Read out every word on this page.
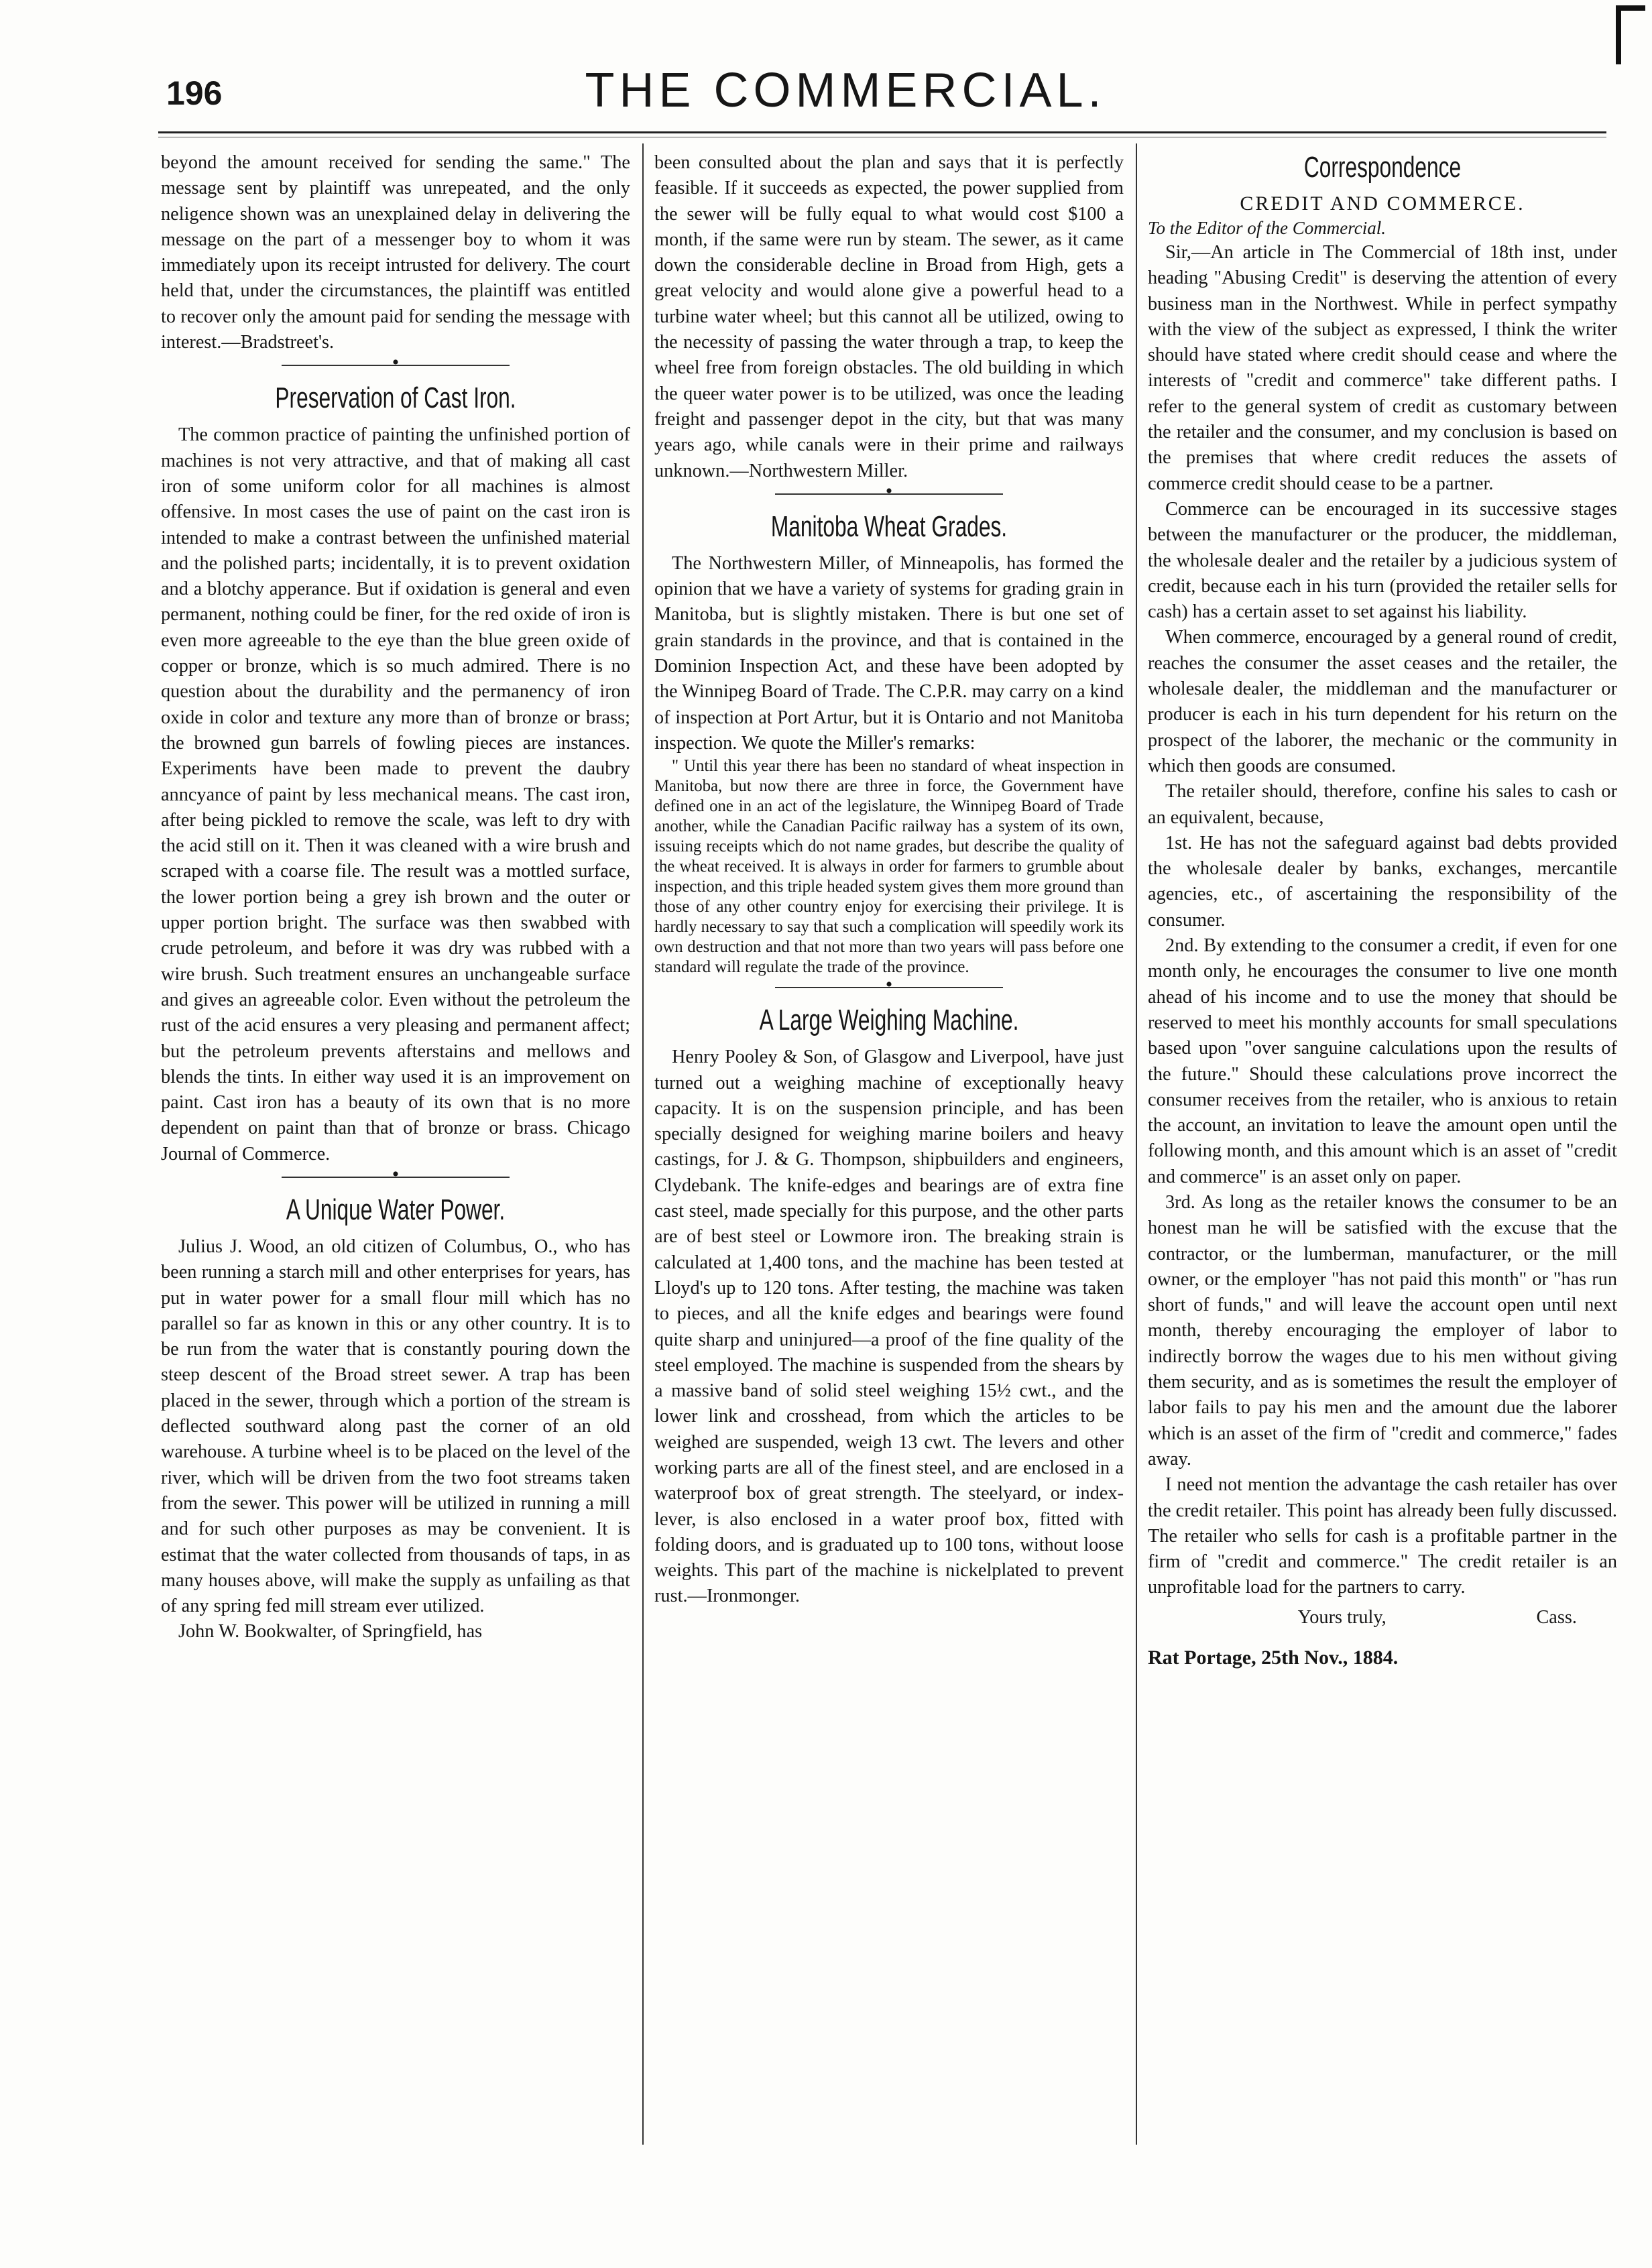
196	THE COMMERCIAL.

beyond the amount received for sending the same." The message sent by plaintiff was unrepeated, and the only neligence shown was an unexplained delay in delivering the message on the part of a messenger boy to whom it was immediately upon its receipt intrusted for delivery. The court held that, under the circumstances, the plaintiff was entitled to recover only the amount paid for sending the message with interest.—Bradstreet's.

•
Preservation of Cast Iron.

The common practice of painting the unfinished portion of machines is not very attractive, and that of making all cast iron of some uniform color for all machines is almost offensive. In most cases the use of paint on the cast iron is intended to make a contrast between the unfinished material and the polished parts; incidentally, it is to prevent oxidation and a blotchy apperance. But if oxidation is general and even permanent, nothing could be finer, for the red oxide of iron is even more agreeable to the eye than the blue green oxide of copper or bronze, which is so much admired. There is no question about the durability and the permanency of iron oxide in color and texture any more than of bronze or brass; the browned gun barrels of fowling pieces are instances. Experiments have been made to prevent the daubry anncyance of paint by less mechanical means. The cast iron, after being pickled to remove the scale, was left to dry with the acid still on it. Then it was cleaned with a wire brush and scraped with a coarse file. The result was a mottled surface, the lower portion being a grey ish brown and the outer or upper portion bright. The surface was then swabbed with crude petroleum, and before it was dry was rubbed with a wire brush. Such treatment ensures an unchangeable surface and gives an agreeable color. Even without the petroleum the rust of the acid ensures a very pleasing and permanent affect; but the petroleum prevents afterstains and mellows and blends the tints. In either way used it is an improvement on paint. Cast iron has a beauty of its own that is no more dependent on paint than that of bronze or brass. Chicago Journal of Commerce.

•
A Unique Water Power.

Julius J. Wood, an old citizen of Columbus, O., who has been running a starch mill and other enterprises for years, has put in water power for a small flour mill which has no parallel so far as known in this or any other country. It is to be run from the water that is constantly pouring down the steep descent of the Broad street sewer. A trap has been placed in the sewer, through which a portion of the stream is deflected southward along past the corner of an old warehouse. A turbine wheel is to be placed on the level of the river, which will be driven from the two foot streams taken from the sewer. This power will be utilized in running a mill and for such other purposes as may be convenient. It is estimat that the water collected from thousands of taps, in as many houses above, will make the supply as unfailing as that of any spring fed mill stream ever utilized.

John W. Bookwalter, of Springfield, has

been consulted about the plan and says that it is perfectly feasible. If it succeeds as expected, the power supplied from the sewer will be fully equal to what would cost $100 a month, if the same were run by steam. The sewer, as it came down the considerable decline in Broad from High, gets a great velocity and would alone give a powerful head to a turbine water wheel; but this cannot all be utilized, owing to the necessity of passing the water through a trap, to keep the wheel free from foreign obstacles. The old building in which the queer water power is to be utilized, was once the leading freight and passenger depot in the city, but that was many years ago, while canals were in their prime and railways unknown.—Northwestern Miller.

•
Manitoba Wheat Grades.

The Northwestern Miller, of Minneapolis, has formed the opinion that we have a variety of systems for grading grain in Manitoba, but is slightly mistaken. There is but one set of grain standards in the province, and that is contained in the Dominion Inspection Act, and these have been adopted by the Winnipeg Board of Trade. The C.P.R. may carry on a kind of inspection at Port Artur, but it is Ontario and not Manitoba inspection. We quote the Miller's remarks:

" Until this year there has been no standard of wheat inspection in Manitoba, but now there are three in force, the Government have defined one in an act of the legislature, the Winnipeg Board of Trade another, while the Canadian Pacific railway has a system of its own, issuing receipts which do not name grades, but describe the quality of the wheat received. It is always in order for farmers to grumble about inspection, and this triple headed system gives them more ground than those of any other country enjoy for exercising their privilege. It is hardly necessary to say that such a complication will speedily work its own destruction and that not more than two years will pass before one standard will regulate the trade of the province.

•
A Large Weighing Machine.

Henry Pooley & Son, of Glasgow and Liverpool, have just turned out a weighing machine of exceptionally heavy capacity. It is on the suspension principle, and has been specially designed for weighing marine boilers and heavy castings, for J. & G. Thompson, shipbuilders and engineers, Clydebank. The knife-edges and bearings are of extra fine cast steel, made specially for this purpose, and the other parts are of best steel or Lowmore iron. The breaking strain is calculated at 1,400 tons, and the machine has been tested at Lloyd's up to 120 tons. After testing, the machine was taken to pieces, and all the knife edges and bearings were found quite sharp and uninjured—a proof of the fine quality of the steel employed. The machine is suspended from the shears by a massive band of solid steel weighing 15½ cwt., and the lower link and crosshead, from which the articles to be weighed are suspended, weigh 13 cwt. The levers and other working parts are all of the finest steel, and are enclosed in a waterproof box of great strength. The steelyard, or index-lever, is also enclosed in a water proof box, fitted with folding doors, and is graduated up to 100 tons, without loose weights. This part of the machine is nickelplated to prevent rust.—Ironmonger.

Correspondence
CREDIT AND COMMERCE.
To the Editor of the Commercial.

Sir,—An article in The Commercial of 18th inst, under heading "Abusing Credit" is deserving the attention of every business man in the Northwest. While in perfect sympathy with the view of the subject as expressed, I think the writer should have stated where credit should cease and where the interests of "credit and commerce" take different paths. I refer to the general system of credit as customary between the retailer and the consumer, and my conclusion is based on the premises that where credit reduces the assets of commerce credit should cease to be a partner.

Commerce can be encouraged in its successive stages between the manufacturer or the producer, the middleman, the wholesale dealer and the retailer by a judicious system of credit, because each in his turn (provided the retailer sells for cash) has a certain asset to set against his liability.

When commerce, encouraged by a general round of credit, reaches the consumer the asset ceases and the retailer, the wholesale dealer, the middleman and the manufacturer or producer is each in his turn dependent for his return on the prospect of the laborer, the mechanic or the community in which then goods are consumed.

The retailer should, therefore, confine his sales to cash or an equivalent, because,

1st. He has not the safeguard against bad debts provided the wholesale dealer by banks, exchanges, mercantile agencies, etc., of ascertaining the responsibility of the consumer.

2nd. By extending to the consumer a credit, if even for one month only, he encourages the consumer to live one month ahead of his income and to use the money that should be reserved to meet his monthly accounts for small speculations based upon "over sanguine calculations upon the results of the future." Should these calculations prove incorrect the consumer receives from the retailer, who is anxious to retain the account, an invitation to leave the amount open until the following month, and this amount which is an asset of "credit and commerce" is an asset only on paper.

3rd. As long as the retailer knows the consumer to be an honest man he will be satisfied with the excuse that the contractor, or the lumberman, manufacturer, or the mill owner, or the employer "has not paid this month" or "has run short of funds," and will leave the account open until next month, thereby encouraging the employer of labor to indirectly borrow the wages due to his men without giving them security, and as is sometimes the result the employer of labor fails to pay his men and the amount due the laborer which is an asset of the firm of "credit and commerce," fades away.

I need not mention the advantage the cash retailer has over the credit retailer. This point has already been fully discussed. The retailer who sells for cash is a profitable partner in the firm of "credit and commerce." The credit retailer is an unprofitable load for the partners to carry.

Yours truly,	Cass.
Rat Portage, 25th Nov., 1884.
